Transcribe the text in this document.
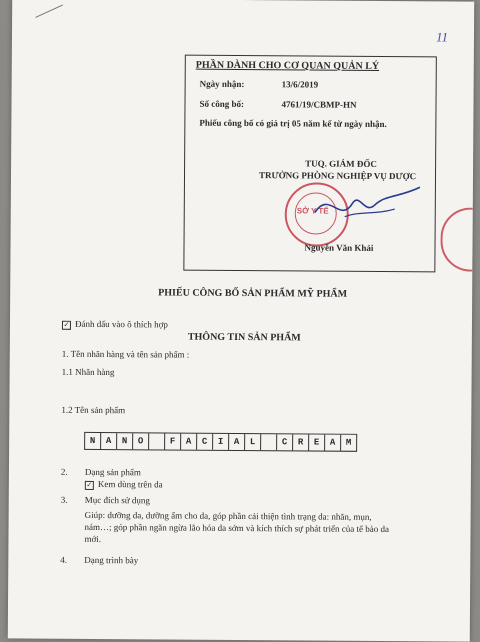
11
PHẦN DÀNH CHO CƠ QUAN QUẢN LÝ
Ngày nhận:	13/6/2019
Số công bố:	4761/19/CBMP-HN
Phiếu công bố có giá trị 05 năm kể từ ngày nhận.
TUQ. GIÁM ĐỐC
TRƯỞNG PHÒNG NGHIỆP VỤ DƯỢC
SỞ Y TẾ
Nguyễn Văn Khải
PHIẾU CÔNG BỐ SẢN PHẨM MỸ PHẨM
✓ Đánh dấu vào ô thích hợp
THÔNG TIN SẢN PHẨM
1. Tên nhãn hàng và tên sản phẩm :
1.1 Nhãn hàng
1.2 Tên sản phẩm
N	A	N	O	F	A	C	I	A	L	C	R	E	A	M
2. Dạng sản phẩm
✓ Kem dùng trên da
3. Mục đích sử dụng
Giúp: dưỡng da, dưỡng ẩm cho da, góp phần cải thiện tình trạng da: nhăn, mụn,
nám…; góp phần ngăn ngừa lão hóa da sớm và kích thích sự phát triển của tế bào da
mới.
4. Dạng trình bày
